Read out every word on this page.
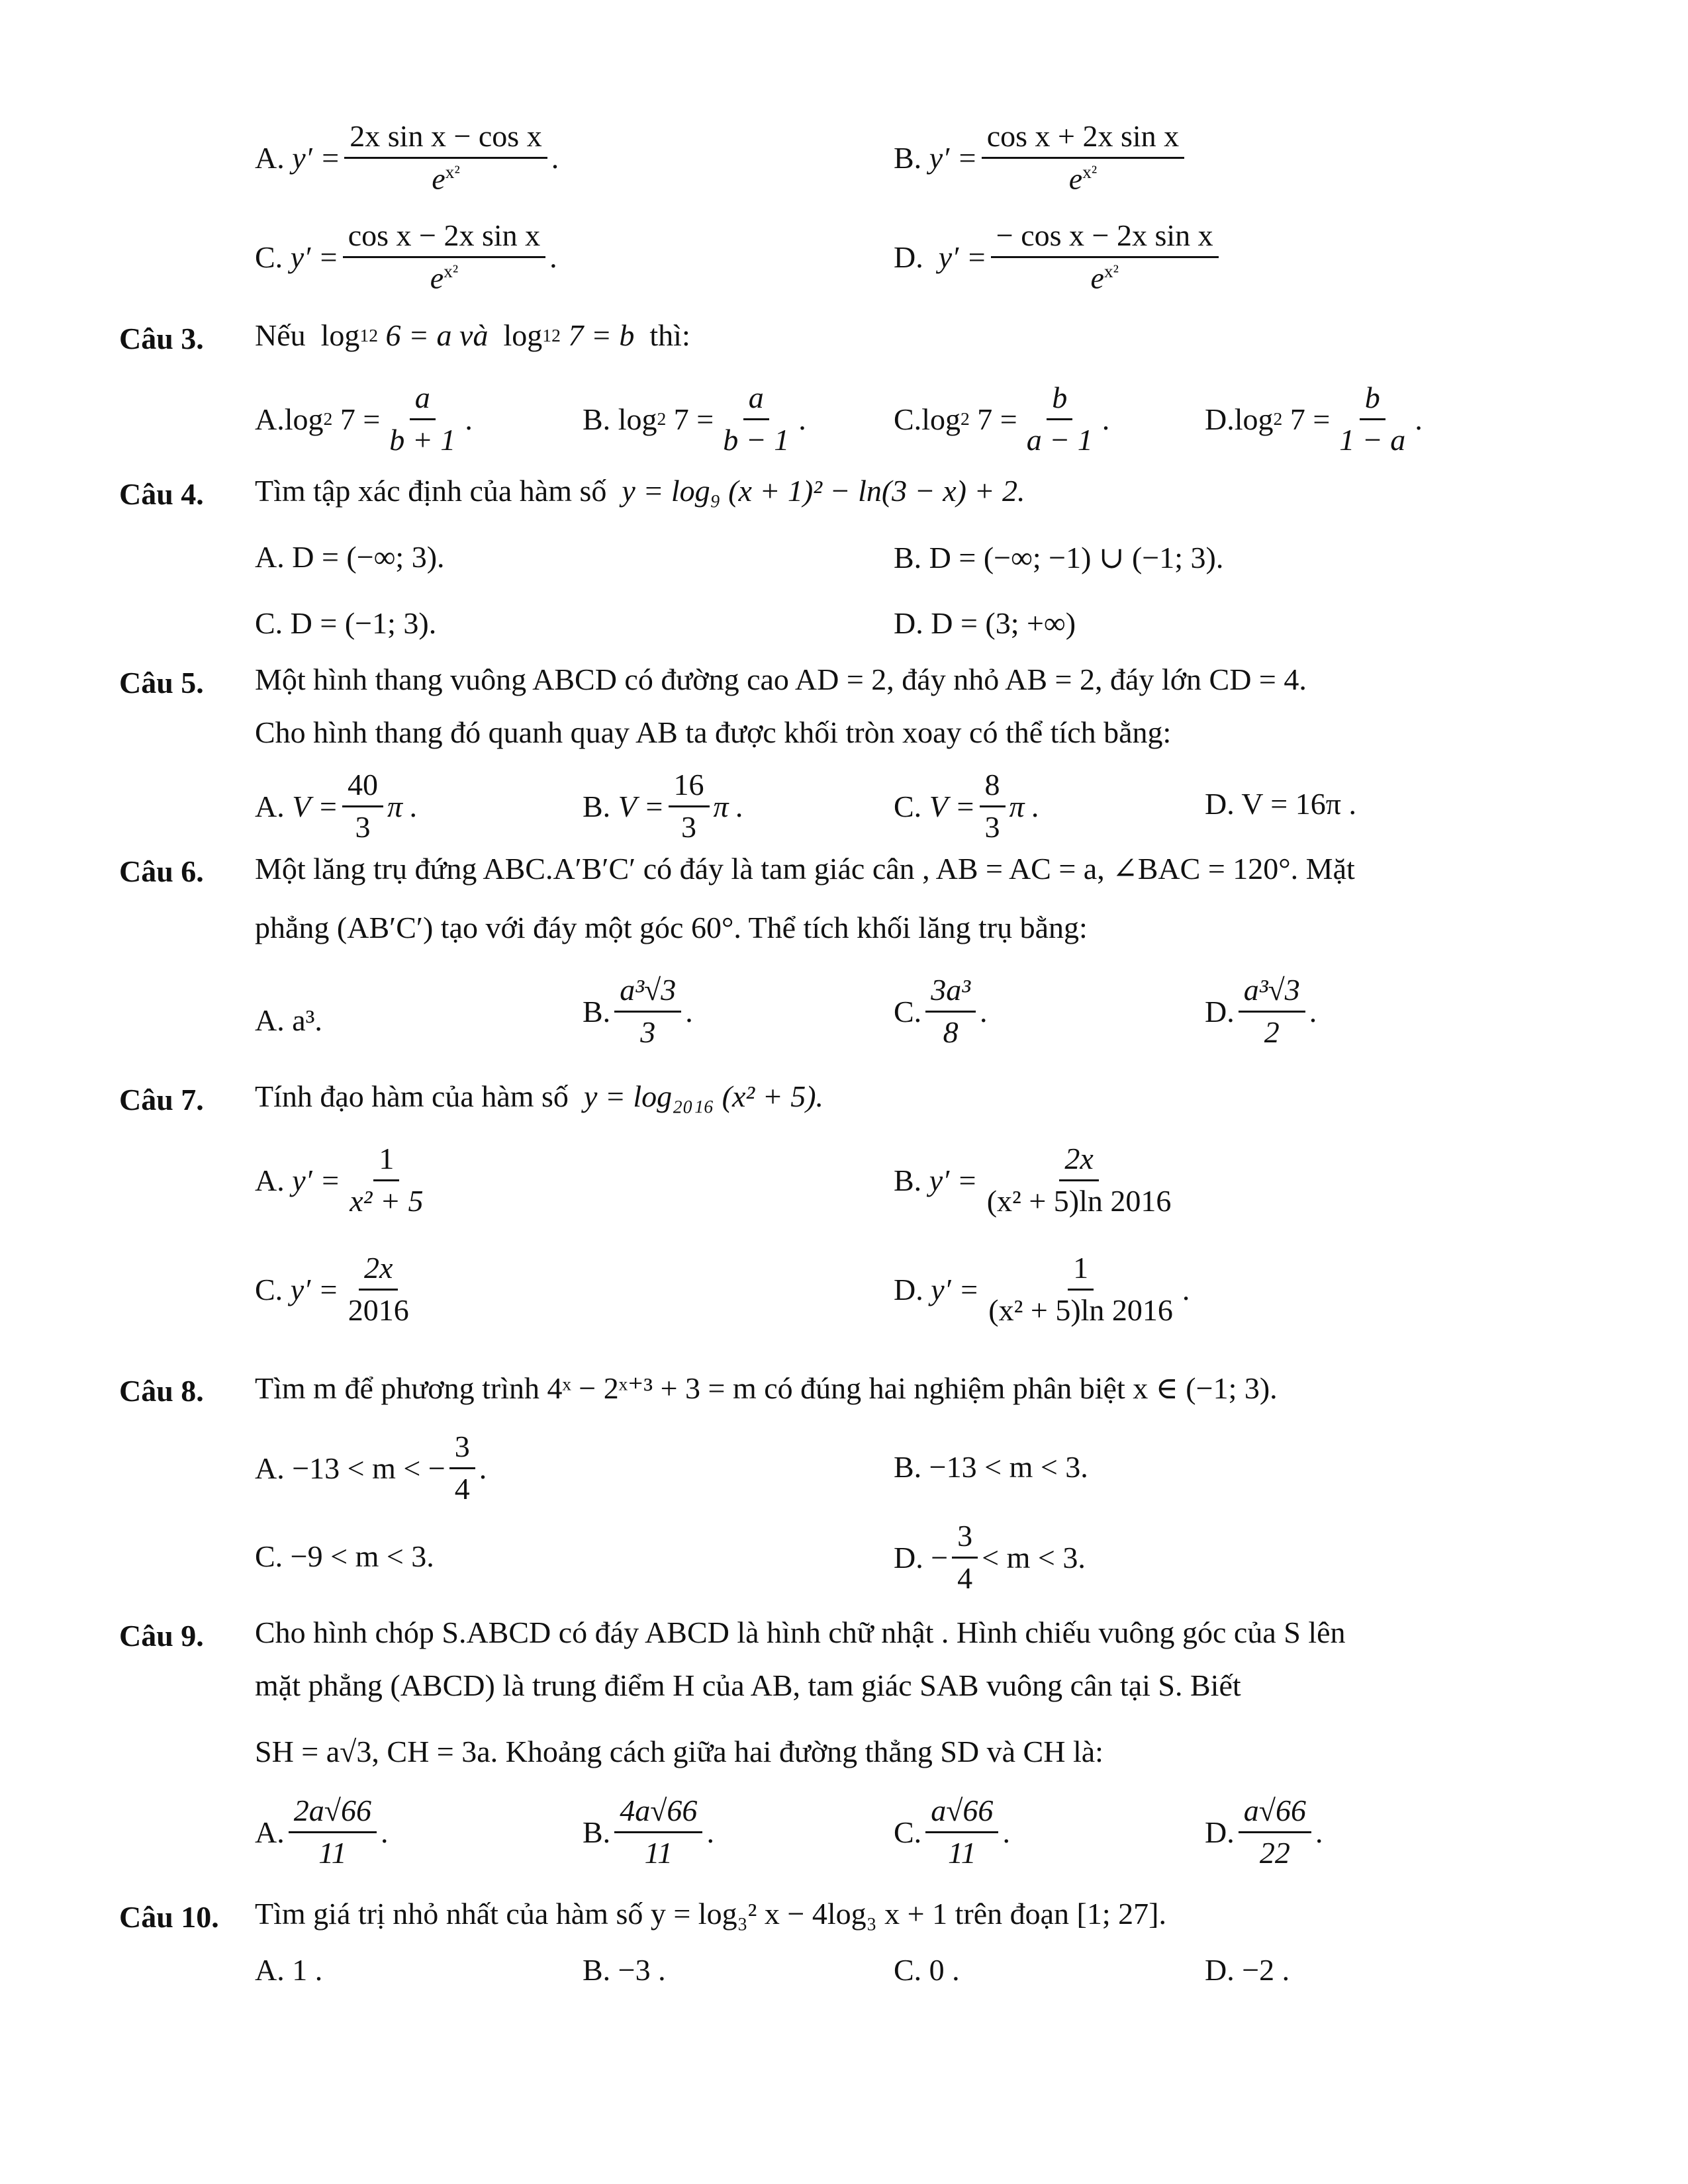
A.
$y' = \frac{\text{2x sin x − cos x}}{e^{x^2}}$ .	B.
$y' = \frac{\text{cos x + 2x sin x}}{e^{x^2}}$
C.
$y' = \frac{\text{cos x − 2x sin x}}{e^{x^2}}$ .	D.
$y' = \frac{\text{− cos x − 2x sin x}}{e^{x^2}}$
Câu 3. Nếu
log 12
6 = a và
log 12
7 = b
thì:
A. log 2
$7 = \frac{a}{b + 1}$ .	B.
log 2
$7 = \frac{a}{b - 1}$ .	C. log 2
$7 = \frac{b}{a - 1}$ .	D. log 2
$7 = \frac{b}{1 - a}$ .
Câu 4. Tìm tập xác định của hàm số y = log₉ (x + 1)² − ln(3 − x) + 2.
A. D = (−∞; 3).	B. D = (−∞; −1) ∪ (−1; 3).
C. D = (−1; 3).	D. D = (3; +∞)
Câu 5. Một hình thang vuông ABCD có đường cao AD = 2, đáy nhỏ AB = 2, đáy lớn CD = 4.
Cho hình thang đó quanh quay AB ta được khối tròn xoay có thể tích bằng:
A.
$V = \frac{40}{3}$ π .	B.
$V = \frac{16}{3}$ π .	C.
$V = \frac{8}{3}$ π .	D. V = 16π .
Câu 6. Một lăng trụ đứng ABC.A′B′C′ có đáy là tam giác cân , AB = AC = a, ∠BAC = 120°. Mặt
phẳng (AB′C′) tạo với đáy một góc 60°. Thể tích khối lăng trụ bằng:
A. a³.	B. $\frac{\text{a³√3}}{3}$ .	C. $\frac{\text{3a³}}{8}$ .	D. $\frac{\text{a³√3}}{2}$ .
Câu 7. Tính đạo hàm của hàm số y = log₂₀₁₆ (x² + 5).
A.
$y' = \frac{1}{\text{x² + 5}}$	B.
$y' = \frac{2x}{\text{(x² + 5)ln 2016}}$
C.
$y' = \frac{2x}{2016}$	D.
$y' = \frac{1}{\text{(x² + 5)ln 2016}}$ .
Câu 8. Tìm m để phương trình 4ˣ − 2ˣ⁺³ + 3 = m có đúng hai nghiệm phân biệt x ∈ (−1; 3).
A. −13 < m < − $\frac{3}{4}$ .	B. −13 < m < 3.
C. −9 < m < 3.	D. − $\frac{3}{4} < m < 3$.
Câu 9. Cho hình chóp S.ABCD có đáy ABCD là hình chữ nhật . Hình chiếu vuông góc của S lên
mặt phẳng (ABCD) là trung điểm H của AB, tam giác SAB vuông cân tại S. Biết
SH = a√3, CH = 3a. Khoảng cách giữa hai đường thẳng SD và CH là:
A. $\frac{2a√66}{11}$ .	B. $\frac{4a√66}{11}$ .	C. $\frac{a√66}{11}$ .	D. $\frac{a√66}{22}$ .
Câu 10. Tìm giá trị nhỏ nhất của hàm số y = log₃² x − 4log₃ x + 1 trên đoạn [1; 27].
A. 1 .	B. −3 .	C. 0 .	D. −2 .
